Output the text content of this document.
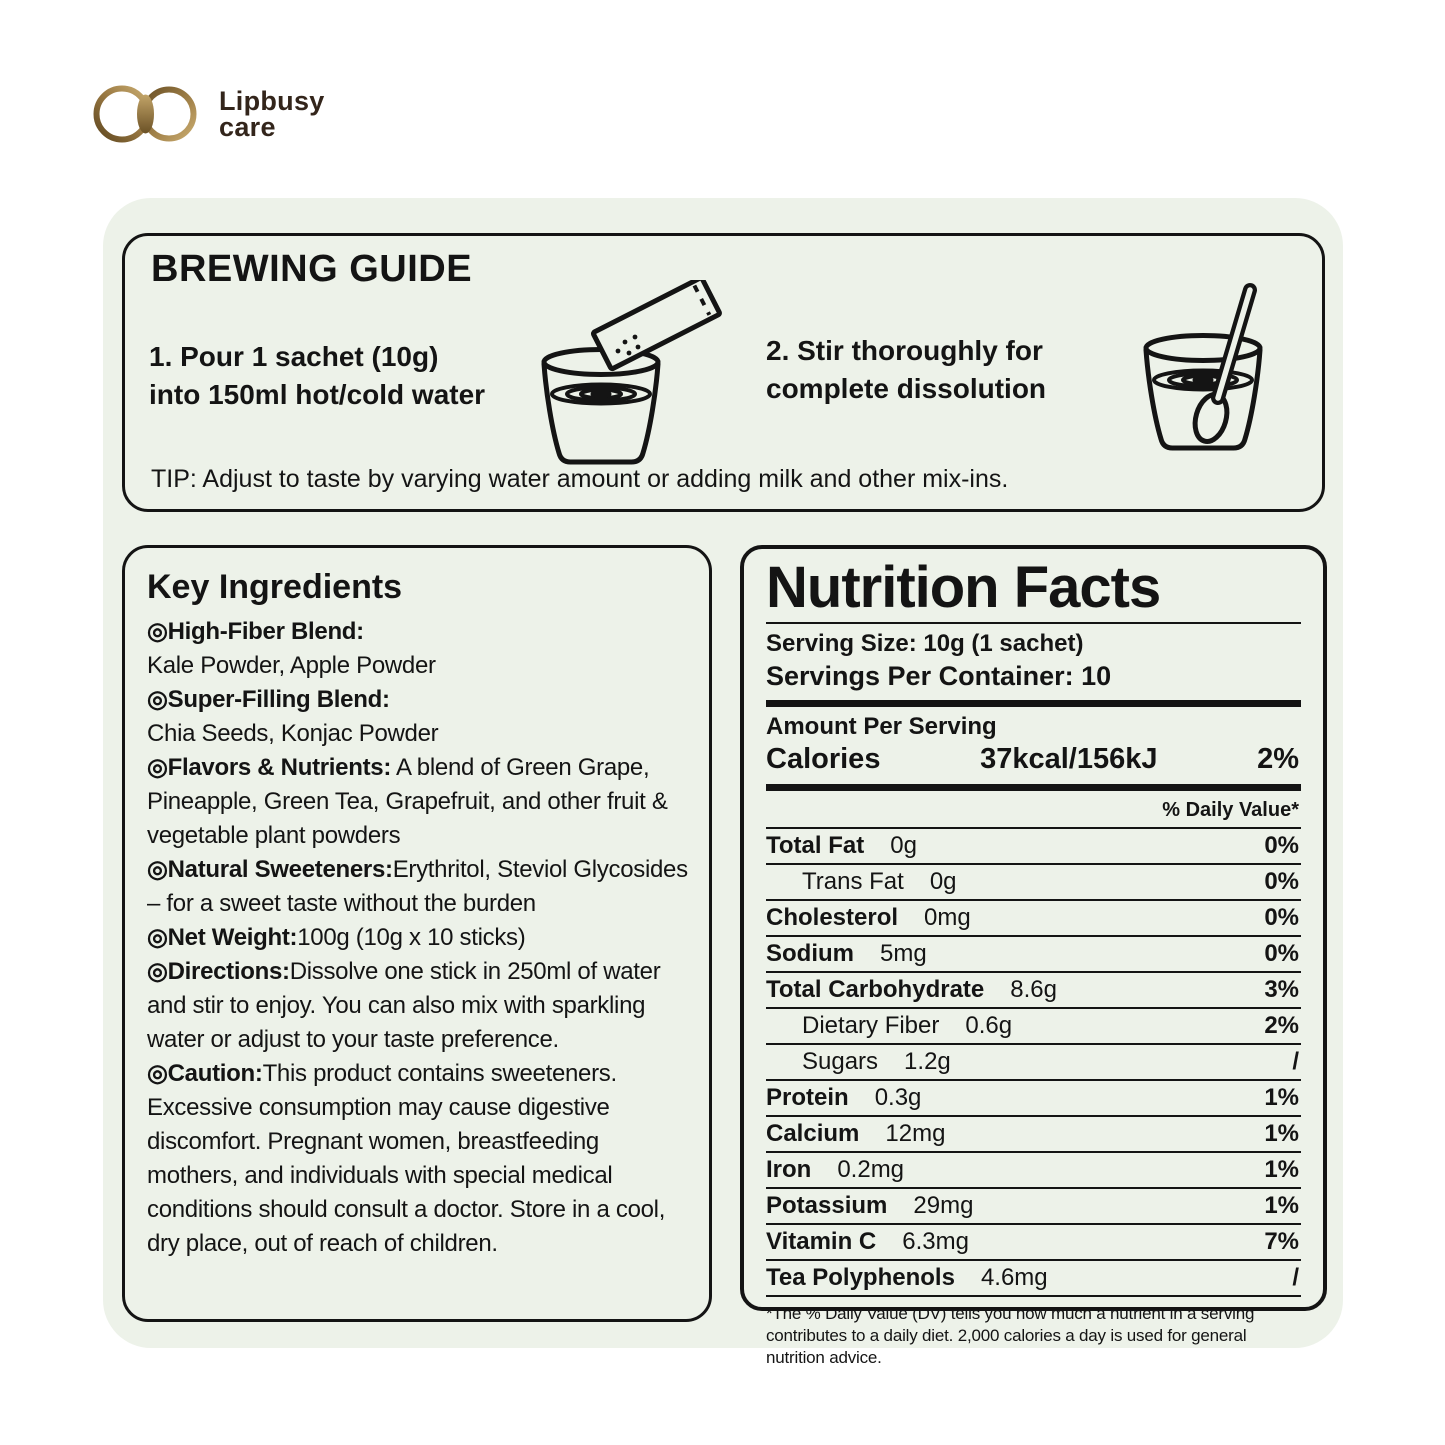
Lipbusy
care
BREWING GUIDE
1. Pour 1 sachet (10g)
into 150ml hot/cold water
2. Stir thoroughly for
complete dissolution

TIP: Adjust to taste by varying water amount or adding milk and other mix-ins.

Key Ingredients
◎High-Fiber Blend:
Kale Powder, Apple Powder
◎Super-Filling Blend:
Chia Seeds, Konjac Powder
◎Flavors & Nutrients: A blend of Green Grape, Pineapple, Green Tea, Grapefruit, and other fruit & vegetable plant powders
◎Natural Sweeteners:Erythritol, Steviol Glycosides – for a sweet taste without the burden
◎Net Weight:100g (10g x 10 sticks)
◎Directions:Dissolve one stick in 250ml of water and stir to enjoy. You can also mix with sparkling water or adjust to your taste preference.
◎Caution:This product contains sweeteners. Excessive consumption may cause digestive discomfort. Pregnant women, breastfeeding mothers, and individuals with special medical conditions should consult a doctor. Store in a cool, dry place, out of reach of children.
Nutrition Facts
Serving Size: 10g (1 sachet)
Servings Per Container: 10
Amount Per Serving
Calories	37kcal/156kJ	2%
% Daily Value*
Total Fat 0g	0%
Trans Fat 0g	0%
Cholesterol 0mg	0%
Sodium 5mg	0%
Total Carbohydrate 8.6g	3%
Dietary Fiber 0.6g	2%
Sugars 1.2g	/
Protein 0.3g	1%
Calcium 12mg	1%
Iron 0.2mg	1%
Potassium 29mg	1%
Vitamin C 6.3mg	7%
Tea Polyphenols 4.6mg	/

*The % Daily Value (DV) tells you how much a nutrient in a serving contributes to a daily diet. 2,000 calories a day is used for general nutrition advice.
